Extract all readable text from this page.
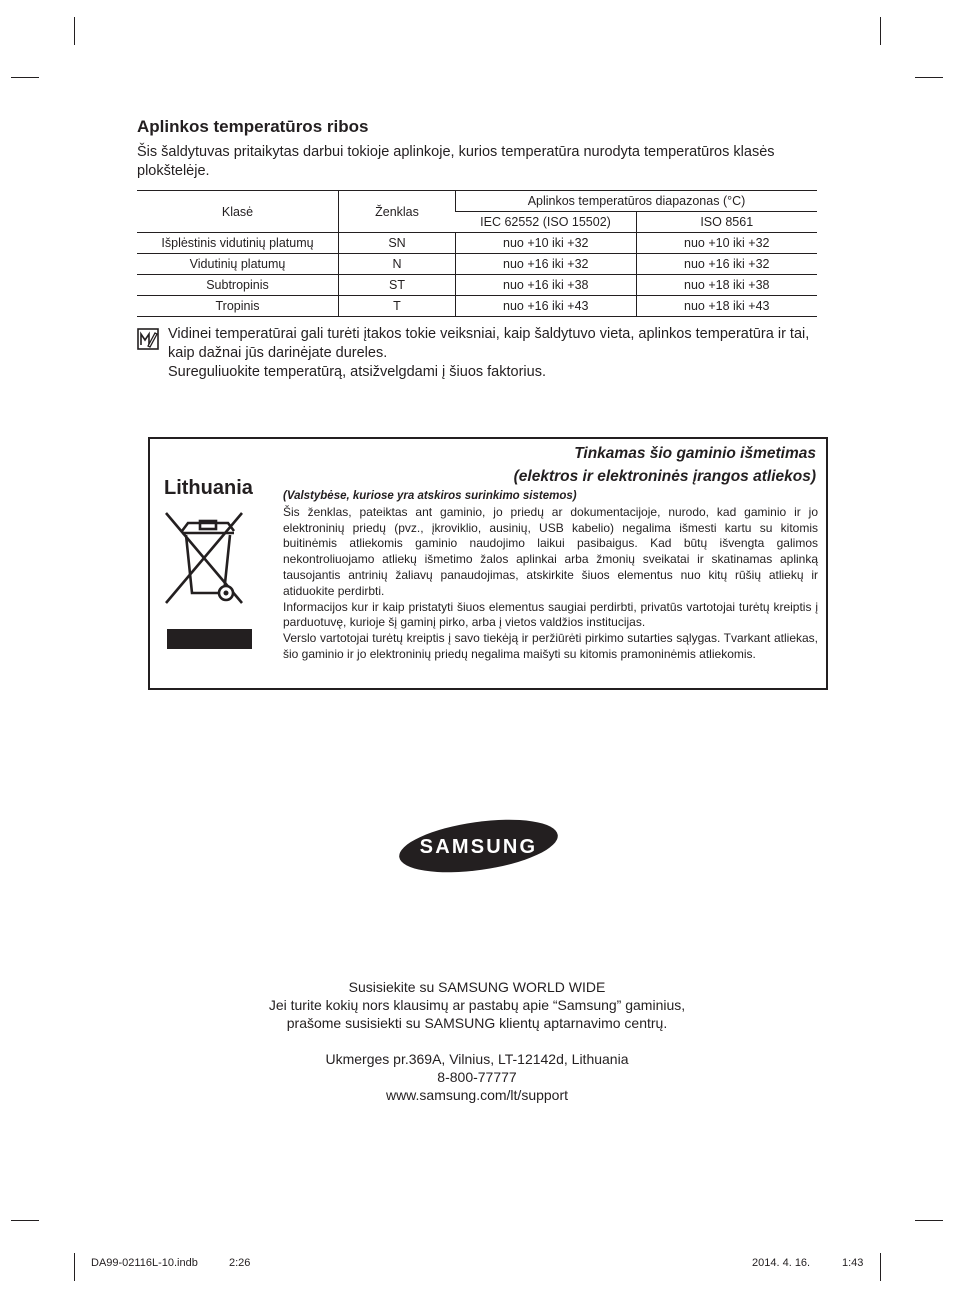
Aplinkos temperatūros ribos

Šis šaldytuvas pritaikytas darbui tokioje aplinkoje, kurios temperatūra nurodyta temperatūros klasės plokštelėje.

Klasė	Ženklas	Aplinkos temperatūros diapazonas (°C)	
		IEC 62552 (ISO 15502)	ISO 8561
Išplėstinis vidutinių platumų	SN	nuo +10 iki +32	nuo +10 iki +32
Vidutinių platumų	N	nuo +16 iki +32	nuo +16 iki +32
Subtropinis	ST	nuo +16 iki +38	nuo +18 iki +38
Tropinis	T	nuo +16 iki +43	nuo +18 iki +43

Vidinei temperatūrai gali turėti įtakos tokie veiksniai, kaip šaldytuvo vieta, aplinkos temperatūra ir tai, kaip dažnai jūs darinėjate dureles.

Sureguliuokite temperatūrą, atsižvelgdami į šiuos faktorius.

Tinkamas šio gaminio išmetimas
(elektros ir elektroninės įrangos atliekos)
Lithuania	(Valstybėse, kuriose yra atskiros surinkimo sistemos)

Šis ženklas, pateiktas ant gaminio, jo priedų ar dokumentacijoje, nurodo, kad gaminio ir jo elektroninių priedų (pvz., įkroviklio, ausinių, USB kabelio) negalima išmesti kartu su kitomis buitinėmis atliekomis gaminio naudojimo laikui pasibaigus. Kad būtų išvengta galimos nekontroliuojamo atliekų išmetimo žalos aplinkai arba žmonių sveikatai ir skatinamas aplinką tausojantis antrinių žaliavų panaudojimas, atskirkite šiuos elementus nuo kitų rūšių atliekų ir atiduokite perdirbti.

Informacijos kur ir kaip pristatyti šiuos elementus saugiai perdirbti, privatūs vartotojai turėtų kreiptis į parduotuvę, kurioje šį gaminį pirko, arba į vietos valdžios institucijas.

Verslo vartotojai turėtų kreiptis į savo tiekėją ir peržiūrėti pirkimo sutarties sąlygas. Tvarkant atliekas, šio gaminio ir jo elektroninių priedų negalima maišyti su kitomis pramoninėmis atliekomis.

SAMSUNG
Susisiekite su SAMSUNG WORLD WIDE
Jei turite kokių nors klausimų ar pastabų apie “Samsung” gaminius,
prašome susisiekti su SAMSUNG klientų aptarnavimo centrų.
Ukmerges pr.369A, Vilnius, LT-12142d, Lithuania
8-800-77777
www.samsung.com/lt/support
DA99-02116L-10.indb	2:26	2014. 4. 16.	1:43
